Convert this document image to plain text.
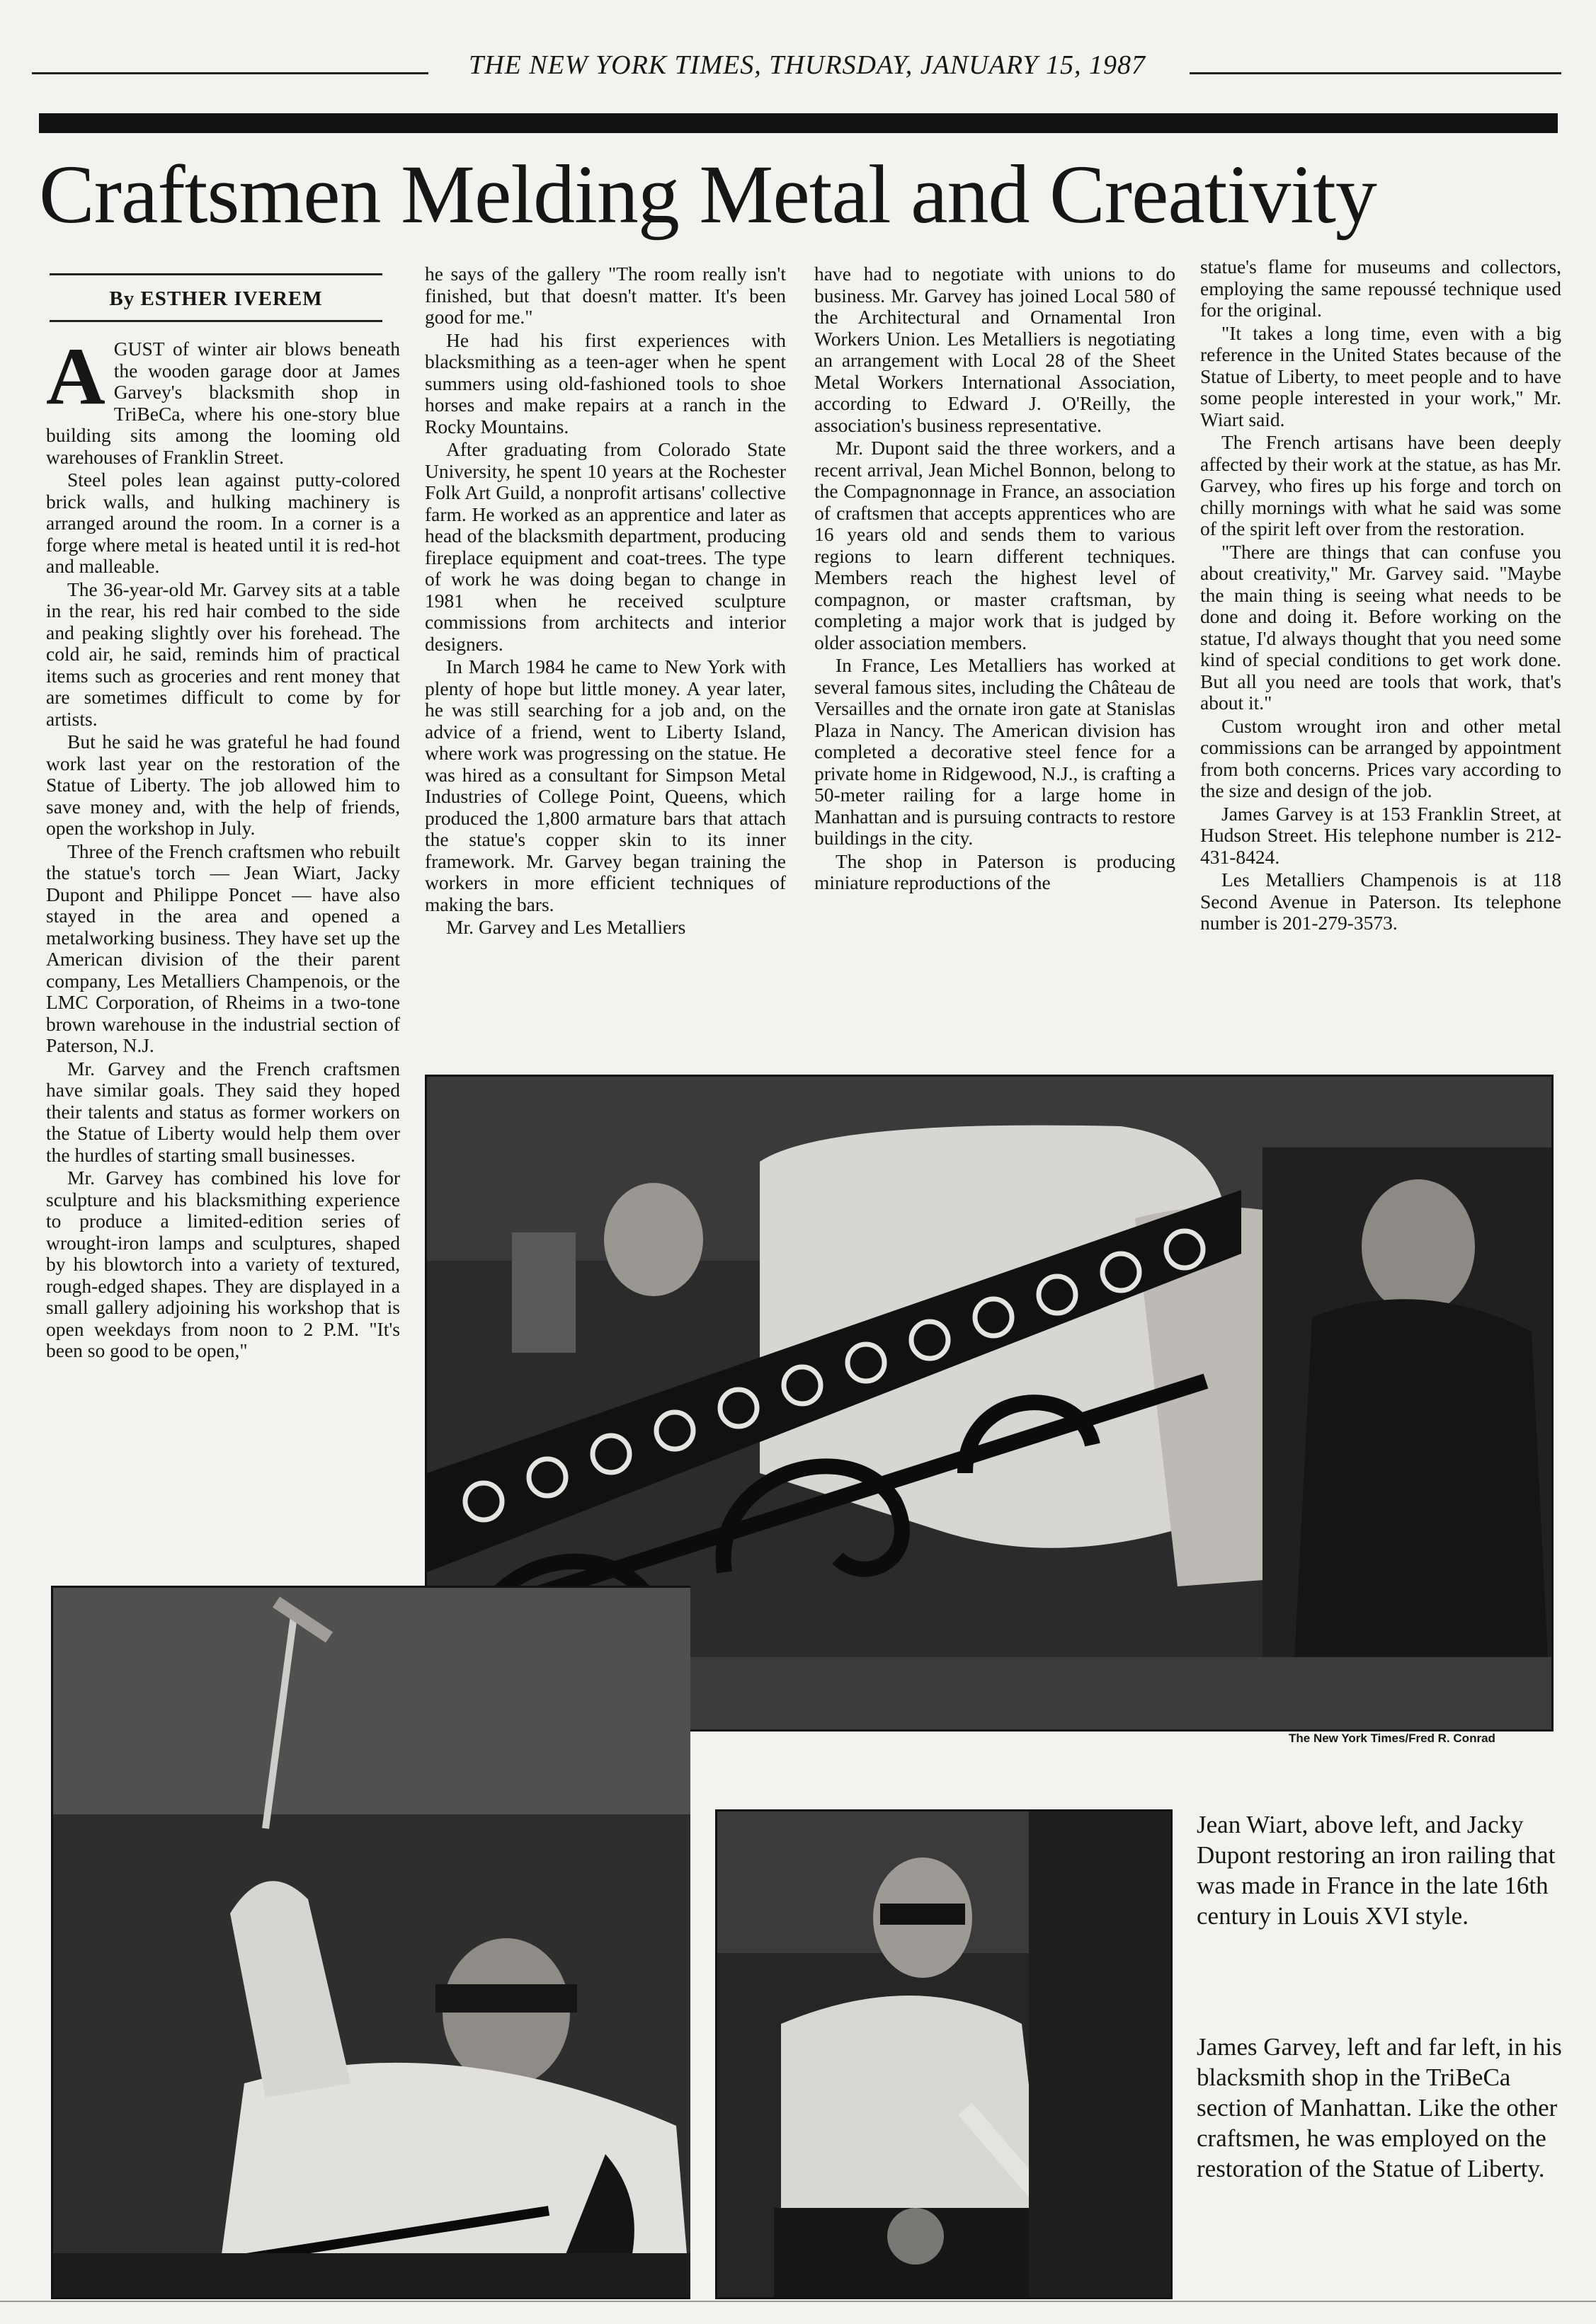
THE NEW YORK TIMES, THURSDAY, JANUARY 15, 1987
Craftsmen Melding Metal and Creativity
By ESTHER IVEREM

AGUST of winter air blows beneath the wooden garage door at James Garvey's blacksmith shop in TriBeCa, where his one-story blue building sits among the looming old warehouses of Franklin Street.

Steel poles lean against putty-colored brick walls, and hulking machinery is arranged around the room. In a corner is a forge where metal is heated until it is red-hot and malleable.

The 36-year-old Mr. Garvey sits at a table in the rear, his red hair combed to the side and peaking slightly over his forehead. The cold air, he said, reminds him of practical items such as groceries and rent money that are sometimes difficult to come by for artists.

But he said he was grateful he had found work last year on the restoration of the Statue of Liberty. The job allowed him to save money and, with the help of friends, open the workshop in July.

Three of the French craftsmen who rebuilt the statue's torch — Jean Wiart, Jacky Dupont and Philippe Poncet — have also stayed in the area and opened a metalworking business. They have set up the American division of the their parent company, Les Metalliers Champenois, or the LMC Corporation, of Rheims in a two-tone brown warehouse in the industrial section of Paterson, N.J.

Mr. Garvey and the French craftsmen have similar goals. They said they hoped their talents and status as former workers on the Statue of Liberty would help them over the hurdles of starting small businesses.

Mr. Garvey has combined his love for sculpture and his blacksmithing experience to produce a limited-edition series of wrought-iron lamps and sculptures, shaped by his blowtorch into a variety of textured, rough-edged shapes. They are displayed in a small gallery adjoining his workshop that is open weekdays from noon to 2 P.M. "It's been so good to be open,"

he says of the gallery "The room really isn't finished, but that doesn't matter. It's been good for me."

He had his first experiences with blacksmithing as a teen-ager when he spent summers using old-fashioned tools to shoe horses and make repairs at a ranch in the Rocky Mountains.

After graduating from Colorado State University, he spent 10 years at the Rochester Folk Art Guild, a nonprofit artisans' collective farm. He worked as an apprentice and later as head of the blacksmith department, producing fireplace equipment and coat-trees. The type of work he was doing began to change in 1981 when he received sculpture commissions from architects and interior designers.

In March 1984 he came to New York with plenty of hope but little money. A year later, he was still searching for a job and, on the advice of a friend, went to Liberty Island, where work was progressing on the statue. He was hired as a consultant for Simpson Metal Industries of College Point, Queens, which produced the 1,800 armature bars that attach the statue's copper skin to its inner framework. Mr. Garvey began training the workers in more efficient techniques of making the bars.

Mr. Garvey and Les Metalliers

have had to negotiate with unions to do business. Mr. Garvey has joined Local 580 of the Architectural and Ornamental Iron Workers Union. Les Metalliers is negotiating an arrangement with Local 28 of the Sheet Metal Workers International Association, according to Edward J. O'Reilly, the association's business representative.

Mr. Dupont said the three workers, and a recent arrival, Jean Michel Bonnon, belong to the Compagnonnage in France, an association of craftsmen that accepts apprentices who are 16 years old and sends them to various regions to learn different techniques. Members reach the highest level of compagnon, or master craftsman, by completing a major work that is judged by older association members.

In France, Les Metalliers has worked at several famous sites, including the Château de Versailles and the ornate iron gate at Stanislas Plaza in Nancy. The American division has completed a decorative steel fence for a private home in Ridgewood, N.J., is crafting a 50-meter railing for a large home in Manhattan and is pursuing contracts to restore buildings in the city.

The shop in Paterson is producing miniature reproductions of the

statue's flame for museums and collectors, employing the same repoussé technique used for the original.

"It takes a long time, even with a big reference in the United States because of the Statue of Liberty, to meet people and to have some people interested in your work," Mr. Wiart said.

The French artisans have been deeply affected by their work at the statue, as has Mr. Garvey, who fires up his forge and torch on chilly mornings with what he said was some of the spirit left over from the restoration.

"There are things that can confuse you about creativity," Mr. Garvey said. "Maybe the main thing is seeing what needs to be done and doing it. Before working on the statue, I'd always thought that you need some kind of special conditions to get work done. But all you need are tools that work, that's about it."

Custom wrought iron and other metal commissions can be arranged by appointment from both concerns. Prices vary according to the size and design of the job.

James Garvey is at 153 Franklin Street, at Hudson Street. His telephone number is 212-431-8424.

Les Metalliers Champenois is at 118 Second Avenue in Paterson. Its telephone number is 201-279-3573.

The New York Times/Fred R. Conrad
Jean Wiart, above left, and Jacky Dupont restoring an iron railing that was made in France in the late 16th century in Louis XVI style.
James Garvey, left and far left, in his blacksmith shop in the TriBeCa section of Manhattan. Like the other craftsmen, he was employed on the restoration of the Statue of Liberty.
